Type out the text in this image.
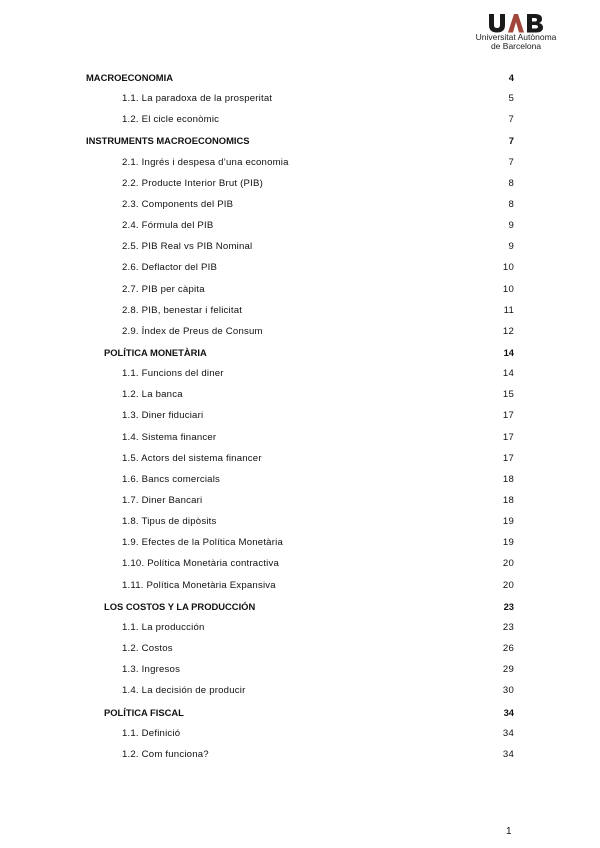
Universitat Autònoma
de Barcelona
MACROECONOMIA	4
1.1. La paradoxa de la prosperitat	5
1.2. El cicle econòmic	7
INSTRUMENTS MACROECONOMICS	7
2.1. Ingrés i despesa d’una economia	7
2.2. Producte Interior Brut (PIB)	8
2.3. Components del PIB	8
2.4. Fórmula del PIB	9
2.5. PIB Real vs PIB Nominal	9
2.6. Deflactor del PIB	10
2.7. PIB per càpita	10
2.8. PIB, benestar i felicitat	11
2.9. Índex de Preus de Consum	12
POLÍTICA MONETÀRIA	14
1.1. Funcions del diner	14
1.2. La banca	15
1.3. Diner fiduciari	17
1.4. Sistema financer	17
1.5. Actors del sistema financer	17
1.6. Bancs comercials	18
1.7. Diner Bancari	18
1.8. Tipus de dipòsits	19
1.9. Efectes de la Política Monetària	19
1.10. Política Monetària contractiva	20
1.11. Política Monetària Expansiva	20
LOS COSTOS Y LA PRODUCCIÓN	23
1.1. La producción	23
1.2. Costos	26
1.3. Ingresos	29
1.4. La decisión de producir	30
POLÍTICA FISCAL	34
1.1. Definició	34
1.2. Com funciona?	34
1
